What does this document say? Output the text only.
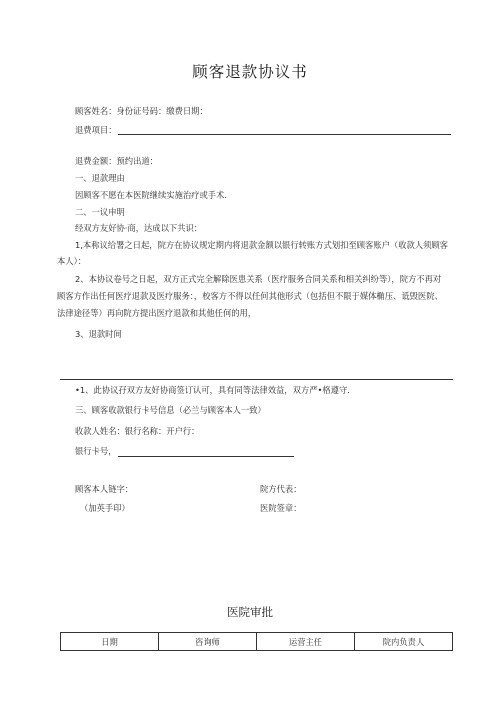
顾客退款协议书
顾客姓名：身份证号码：缴费日期：
退费项目：
退费金额：预约出道：
一、退款理由
因顾客不愿在本医院继续实施治疗或手术.
二、一议申明
经双方友好协·商，达成以下共识：
1,本称议给署之日起，院方在协议规定期内将退款金额以银行转账方式划扣至顾客账户（收款人须顾客
本人）：
2、本协议卷号之日起，双方正式完全解除医患关系（医疗服务合同关系和相关纠纷等），院方不再对
顾客方作出任何医疗退款及医疗服务：，校客方不得以任何其他形式（包括但不限于媒体椭压、诋毁医院、
法律途径等）再向院方提出医疗退款和其他任何的用，
3、退款时间
•1、此协议孖双方友好协商签订认可，具有同等法律效益，双方严•格遵守.
三、顾客收款银行卡号信息（必兰与顾客本人一致）
收款人姓名：银行名称：开户行：
银行卡号，
顾客本人链字：	院方代表：
（加英手印）	医院签章：
医院审批
日期	咨询师	运营主任	院内负责人
